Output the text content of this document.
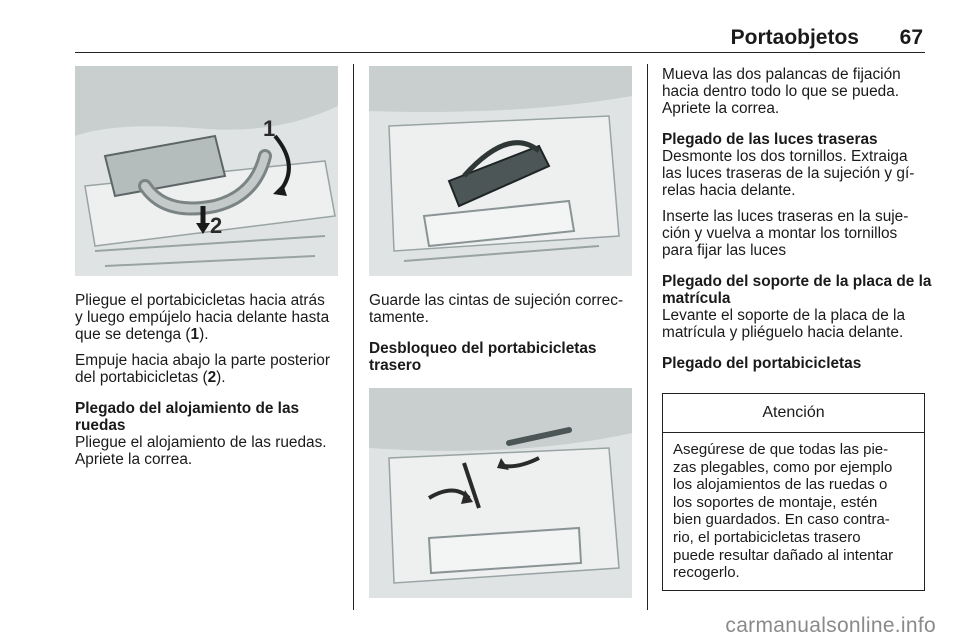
Portaobjetos 67
1
2

Pliegue el portabicicletas hacia atrás
y luego empújelo hacia delante hasta
que se detenga (1).

Empuje hacia abajo la parte posterior
del portabicicletas (2).

Plegado del alojamiento de las
ruedas

Pliegue el alojamiento de las ruedas.
Apriete la correa.

Guarde las cintas de sujeción correc‐
tamente.

Desbloqueo del portabicicletas
trasero

Mueva las dos palancas de fijación
hacia dentro todo lo que se pueda.
Apriete la correa.

Plegado de las luces traseras

Desmonte los dos tornillos. Extraiga
las luces traseras de la sujeción y gí‐
relas hacia delante.

Inserte las luces traseras en la suje‐
ción y vuelva a montar los tornillos
para fijar las luces

Plegado del soporte de la placa de la
matrícula

Levante el soporte de la placa de la
matrícula y pliéguelo hacia delante.

Plegado del portabicicletas
Atención
Asegúrese de que todas las pie‐
zas plegables, como por ejemplo
los alojamientos de las ruedas o
los soportes de montaje, estén
bien guardados. En caso contra‐
rio, el portabicicletas trasero
puede resultar dañado al intentar
recogerlo.
carmanualsonline.info
